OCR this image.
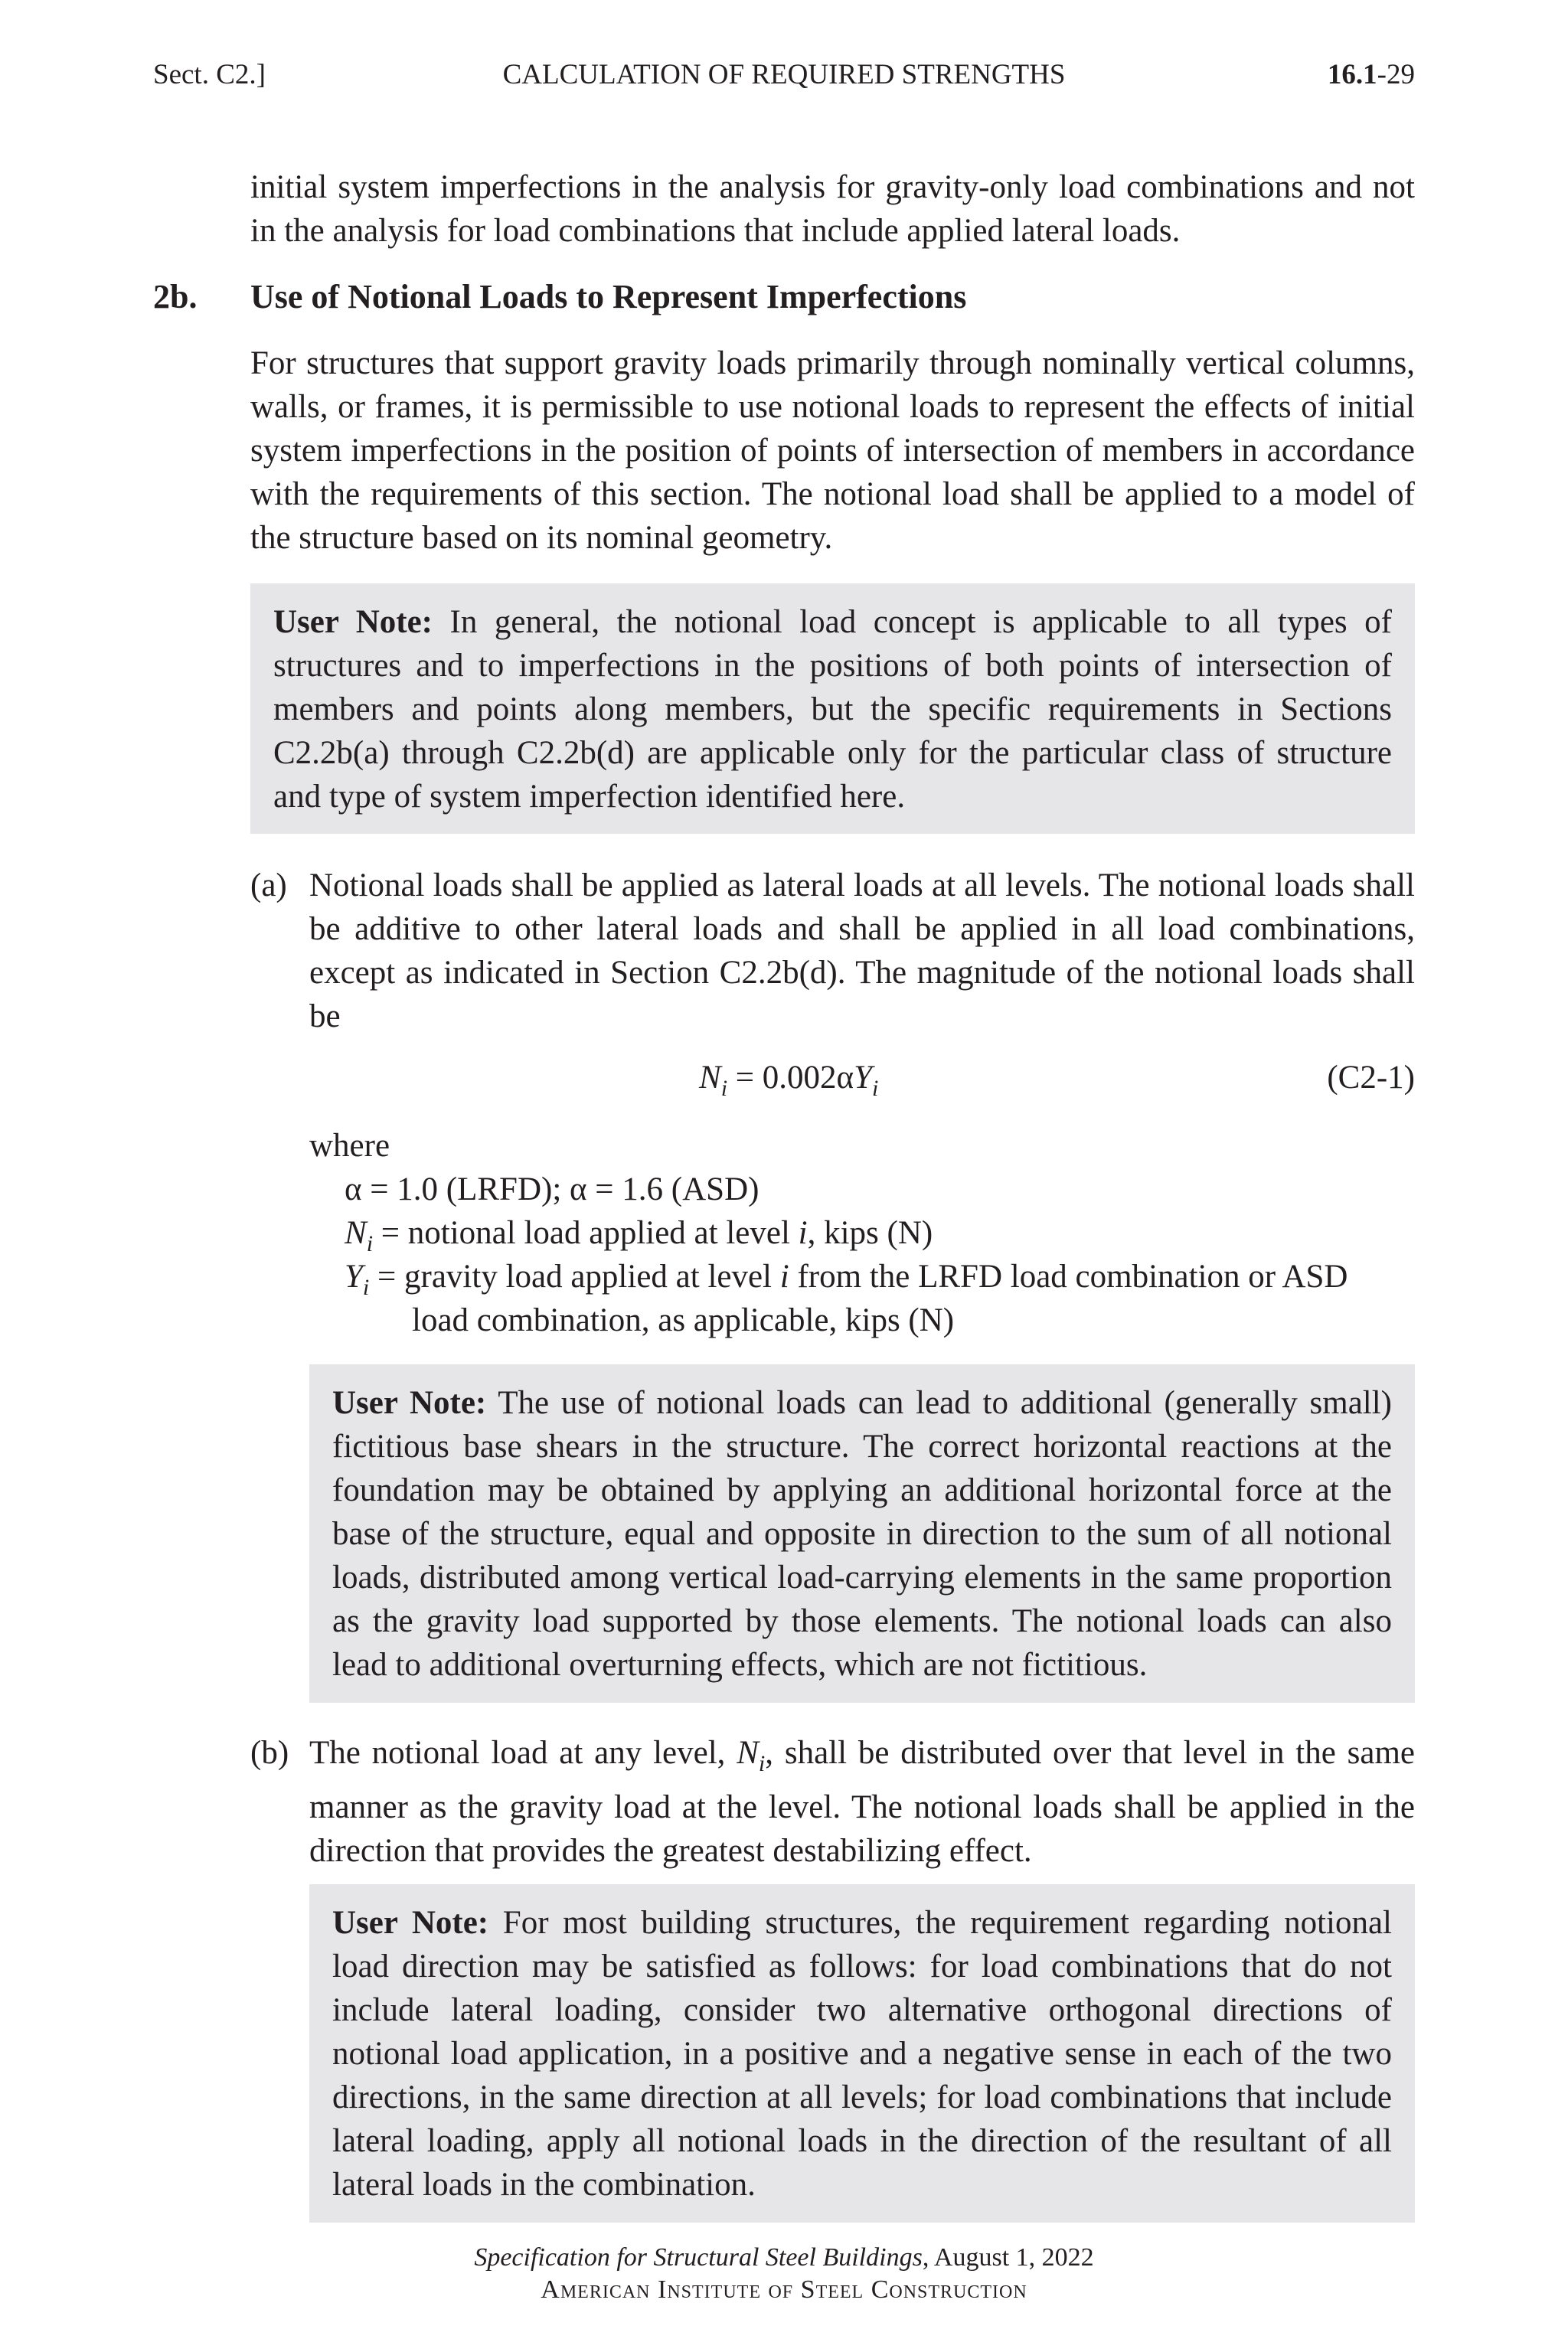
Sect. C2.]	CALCULATION OF REQUIRED STRENGTHS	16.1-29
initial system imperfections in the analysis for gravity-only load combinations and not in the analysis for load combinations that include applied lateral loads.
2b. Use of Notional Loads to Represent Imperfections
For structures that support gravity loads primarily through nominally vertical columns, walls, or frames, it is permissible to use notional loads to represent the effects of initial system imperfections in the position of points of intersection of members in accordance with the requirements of this section. The notional load shall be applied to a model of the structure based on its nominal geometry.
User Note: In general, the notional load concept is applicable to all types of structures and to imperfections in the positions of both points of intersection of members and points along members, but the specific requirements in Sections C2.2b(a) through C2.2b(d) are applicable only for the particular class of structure and type of system imperfection identified here.
(a) Notional loads shall be applied as lateral loads at all levels. The notional loads shall be additive to other lateral loads and shall be applied in all load combinations, except as indicated in Section C2.2b(d). The magnitude of the notional loads shall be
$N_i = 0.002\alpha Y_i$	(C2-1)
where
α = 1.0 (LRFD); α = 1.6 (ASD)
$N_i$ = notional load applied at level i, kips (N)
$Y_i$ = gravity load applied at level i from the LRFD load combination or ASD
load combination, as applicable, kips (N)
User Note: The use of notional loads can lead to additional (generally small) fictitious base shears in the structure. The correct horizontal reactions at the foundation may be obtained by applying an additional horizontal force at the base of the structure, equal and opposite in direction to the sum of all notional loads, distributed among vertical load-carrying elements in the same proportion as the gravity load supported by those elements. The notional loads can also lead to additional overturning effects, which are not fictitious.
(b) The notional load at any level, $N_i$, shall be distributed over that level in the same manner as the gravity load at the level. The notional loads shall be applied in the direction that provides the greatest destabilizing effect.
User Note: For most building structures, the requirement regarding notional load direction may be satisfied as follows: for load combinations that do not include lateral loading, consider two alternative orthogonal directions of notional load application, in a positive and a negative sense in each of the two directions, in the same direction at all levels; for load combinations that include lateral loading, apply all notional loads in the direction of the resultant of all lateral loads in the combination.
Specification for Structural Steel Buildings, August 1, 2022
American Institute of Steel Construction
